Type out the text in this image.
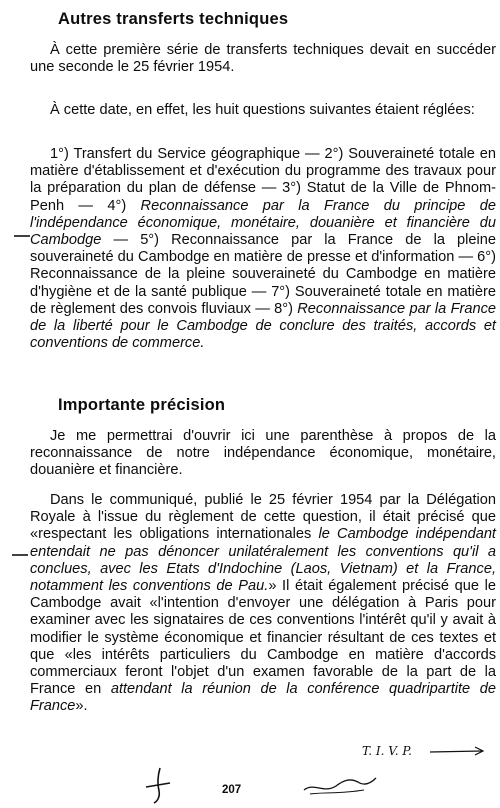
Autres transferts techniques

À cette première série de transferts techniques devait en succéder une seconde le 25 février 1954.

À cette date, en effet, les huit questions suivantes étaient réglées:

1°) Transfert du Service géographique — 2°) Souveraineté totale en matière d'établissement et d'exécution du programme des travaux pour la préparation du plan de défense — 3°) Statut de la Ville de Phnom-Penh — 4°) Reconnaissance par la France du principe de l'indépendance économique, monétaire, douanière et financière du Cambodge — 5°) Reconnaissance par la France de la pleine souveraineté du Cambodge en matière de presse et d'information — 6°) Reconnaissance de la pleine souveraineté du Cambodge en matière d'hygiène et de la santé publique — 7°) Souveraineté totale en matière de règlement des convois fluviaux — 8°) Reconnaissance par la France de la liberté pour le Cambodge de conclure des traités, accords et conventions de commerce.

Importante précision

Je me permettrai d'ouvrir ici une parenthèse à propos de la reconnaissance de notre indépendance économique, monétaire, douanière et financière.

Dans le communiqué, publié le 25 février 1954 par la Délégation Royale à l'issue du règlement de cette question, il était précisé que «respectant les obligations internationales le Cambodge indépendant entendait ne pas dénoncer unilatéralement les conventions qu'il a conclues, avec les Etats d'Indochine (Laos, Vietnam) et la France, notamment les conventions de Pau.» Il était également précisé que le Cambodge avait «l'intention d'envoyer une délégation à Paris pour examiner avec les signataires de ces conventions l'intérêt qu'il y avait à modifier le système économique et financier résultant de ces textes et que «les intérêts particuliers du Cambodge en matière d'accords commerciaux feront l'objet d'un examen favorable de la part de la France en attendant la réunion de la conférence quadripartite de France».

T. I. V. P.
207
